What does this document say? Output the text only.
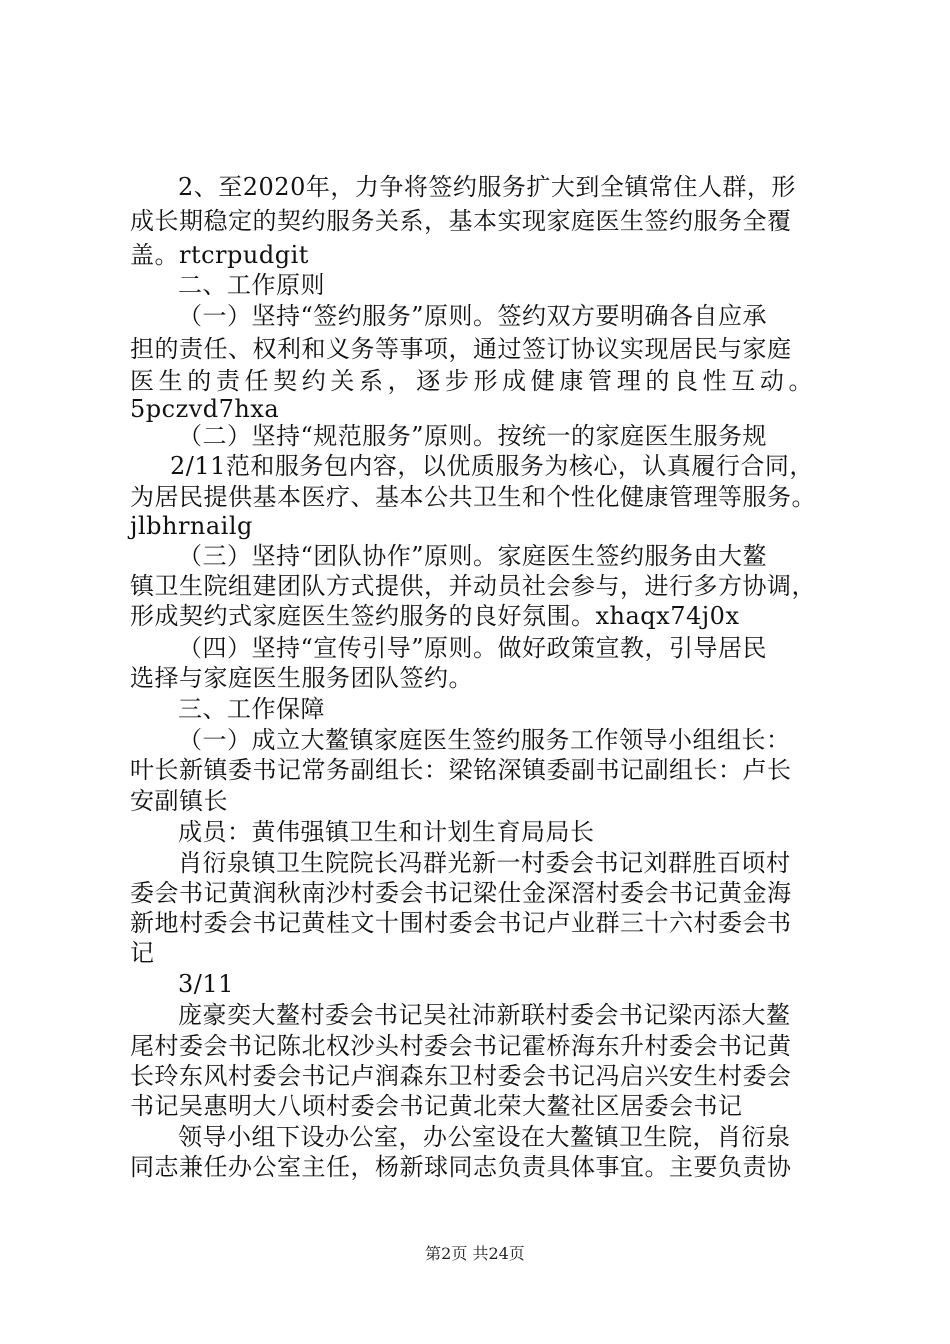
2、至2020年，力争将签约服务扩大到全镇常住人群，形
成长期稳定的契约服务关系，基本实现家庭医生签约服务全覆
盖。rtcrpudgit
二、工作原则
（一）坚持“签约服务”原则。签约双方要明确各自应承
担的责任、权利和义务等事项，通过签订协议实现居民与家庭
医 生 的 责 任 契 约 关 系 ， 逐 步 形 成 健 康 管 理 的 良 性 互 动 。
5pczvd7hxa
（二）坚持“规范服务”原则。按统一的家庭医生服务规
2/11范和服务包内容，以优质服务为核心，认真履行合同，
为居民提供基本医疗、基本公共卫生和个性化健康管理等服务。
jlbhrnailg
（三）坚持“团队协作”原则。家庭医生签约服务由大鳌
镇卫生院组建团队方式提供，并动员社会参与，进行多方协调，
形成契约式家庭医生签约服务的良好氛围。xhaqx74j0x
（四）坚持“宣传引导”原则。做好政策宣教，引导居民
选择与家庭医生服务团队签约。
三、工作保障
（一）成立大鳌镇家庭医生签约服务工作领导小组组长：
叶长新镇委书记常务副组长：梁铭深镇委副书记副组长：卢长
安副镇长
成员：黄伟强镇卫生和计划生育局局长
肖衍泉镇卫生院院长冯群光新一村委会书记刘群胜百顷村
委会书记黄润秋南沙村委会书记梁仕金深滘村委会书记黄金海
新地村委会书记黄桂文十围村委会书记卢业群三十六村委会书
记
3/11
庞豪奕大鳌村委会书记吴社沛新联村委会书记梁丙添大鳌
尾村委会书记陈北权沙头村委会书记霍桥海东升村委会书记黄
长玲东风村委会书记卢润森东卫村委会书记冯启兴安生村委会
书记吴惠明大八顷村委会书记黄北荣大鳌社区居委会书记
领导小组下设办公室，办公室设在大鳌镇卫生院，肖衍泉
同志兼任办公室主任，杨新球同志负责具体事宜。主要负责协
第2页 共24页
